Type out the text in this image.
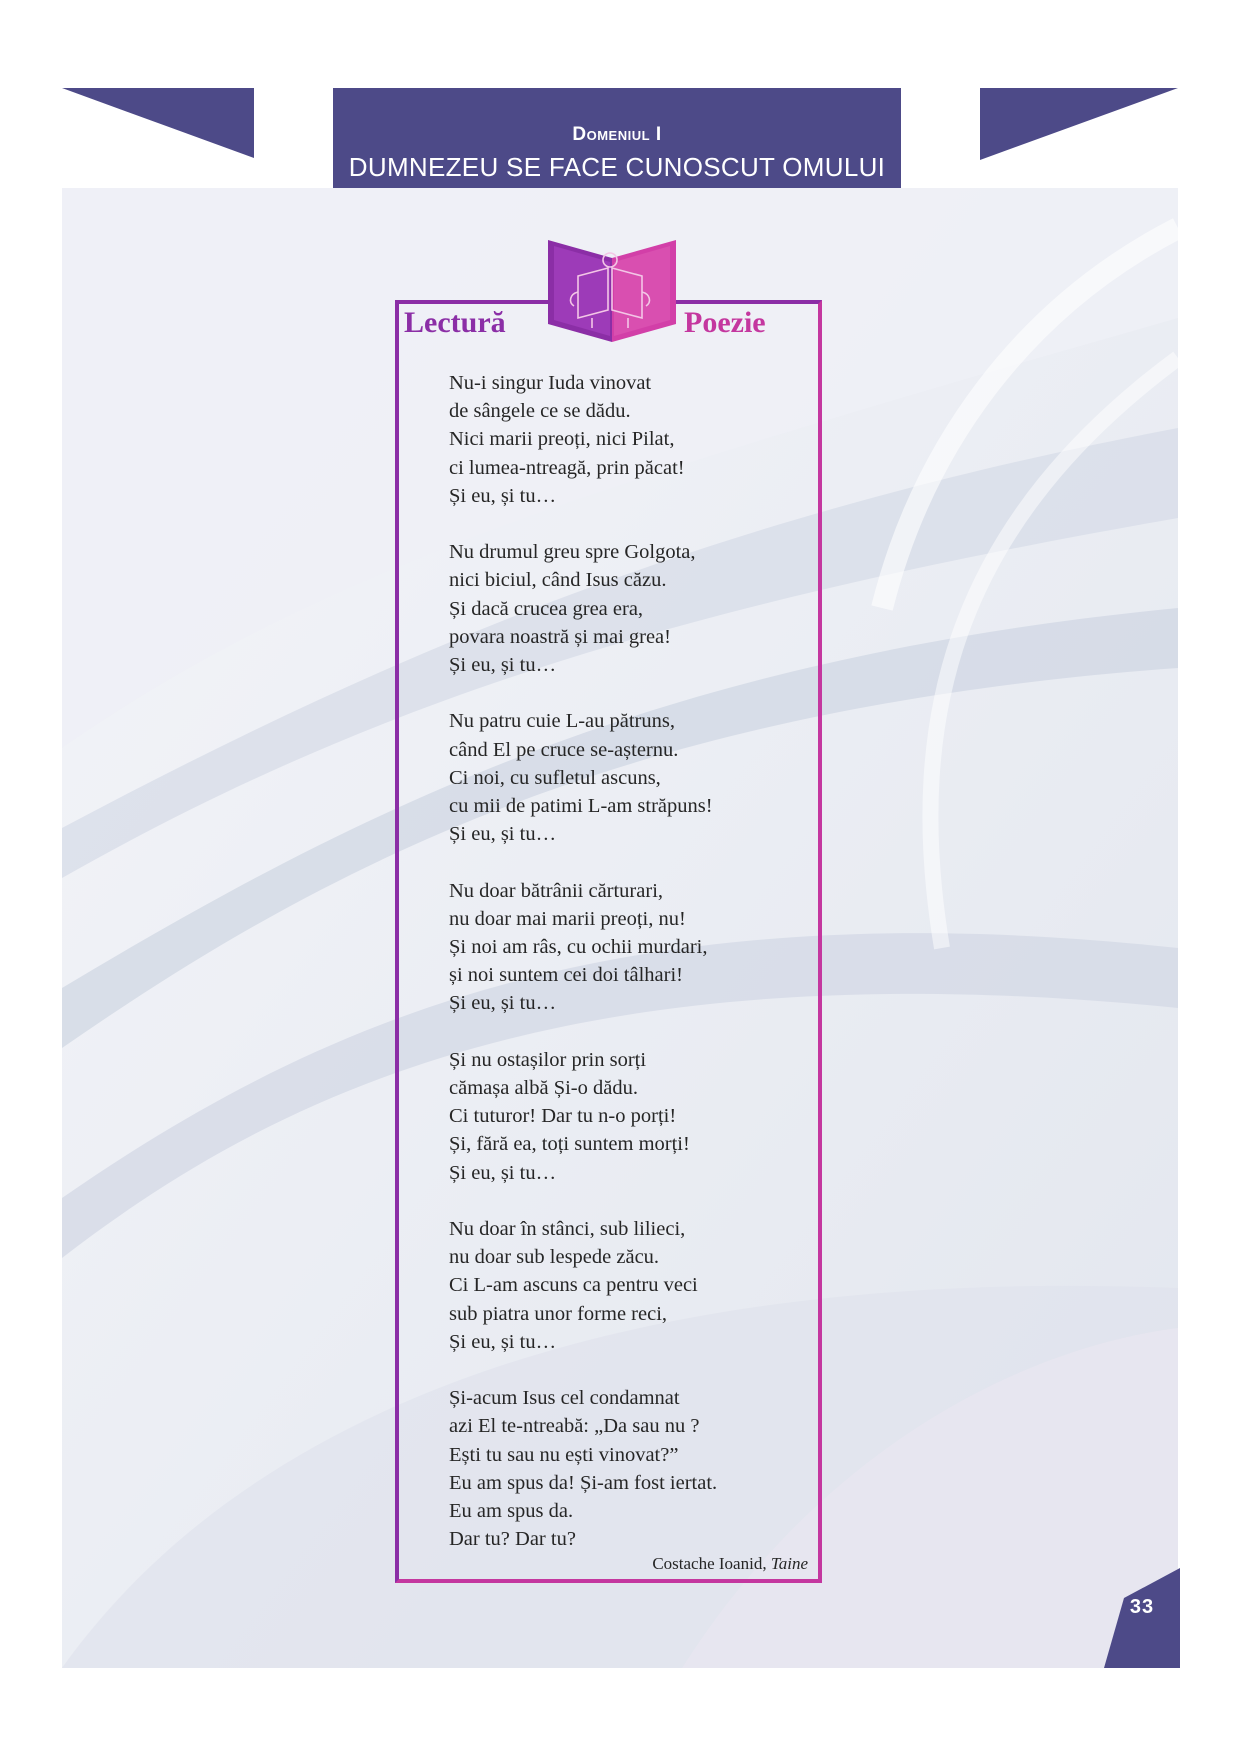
Domeniul I
DUMNEZEU SE FACE CUNOSCUT OMULUI
Lectură	Poezie
Nu-i singur Iuda vinovat
de sângele ce se dădu.
Nici marii preoți, nici Pilat,
ci lumea-ntreagă, prin păcat!
Și eu, și tu…
Nu drumul greu spre Golgota,
nici biciul, când Isus căzu.
Și dacă crucea grea era,
povara noastră și mai grea!
Și eu, și tu…
Nu patru cuie L-au pătruns,
când El pe cruce se-așternu.
Ci noi, cu sufletul ascuns,
cu mii de patimi L-am străpuns!
Și eu, și tu…
Nu doar bătrânii cărturari,
nu doar mai marii preoți, nu!
Și noi am râs, cu ochii murdari,
și noi suntem cei doi tâlhari!
Și eu, și tu…
Și nu ostașilor prin sorți
cămașa albă Și-o dădu.
Ci tuturor! Dar tu n-o porți!
Și, fără ea, toți suntem morți!
Și eu, și tu…
Nu doar în stânci, sub lilieci,
nu doar sub lespede zăcu.
Ci L-am ascuns ca pentru veci
sub piatra unor forme reci,
Și eu, și tu…
Și-acum Isus cel condamnat
azi El te-ntreabă: „Da sau nu ?
Ești tu sau nu ești vinovat?”
Eu am spus da! Și-am fost iertat.
Eu am spus da.
Dar tu? Dar tu?
Costache Ioanid, Taine
33
